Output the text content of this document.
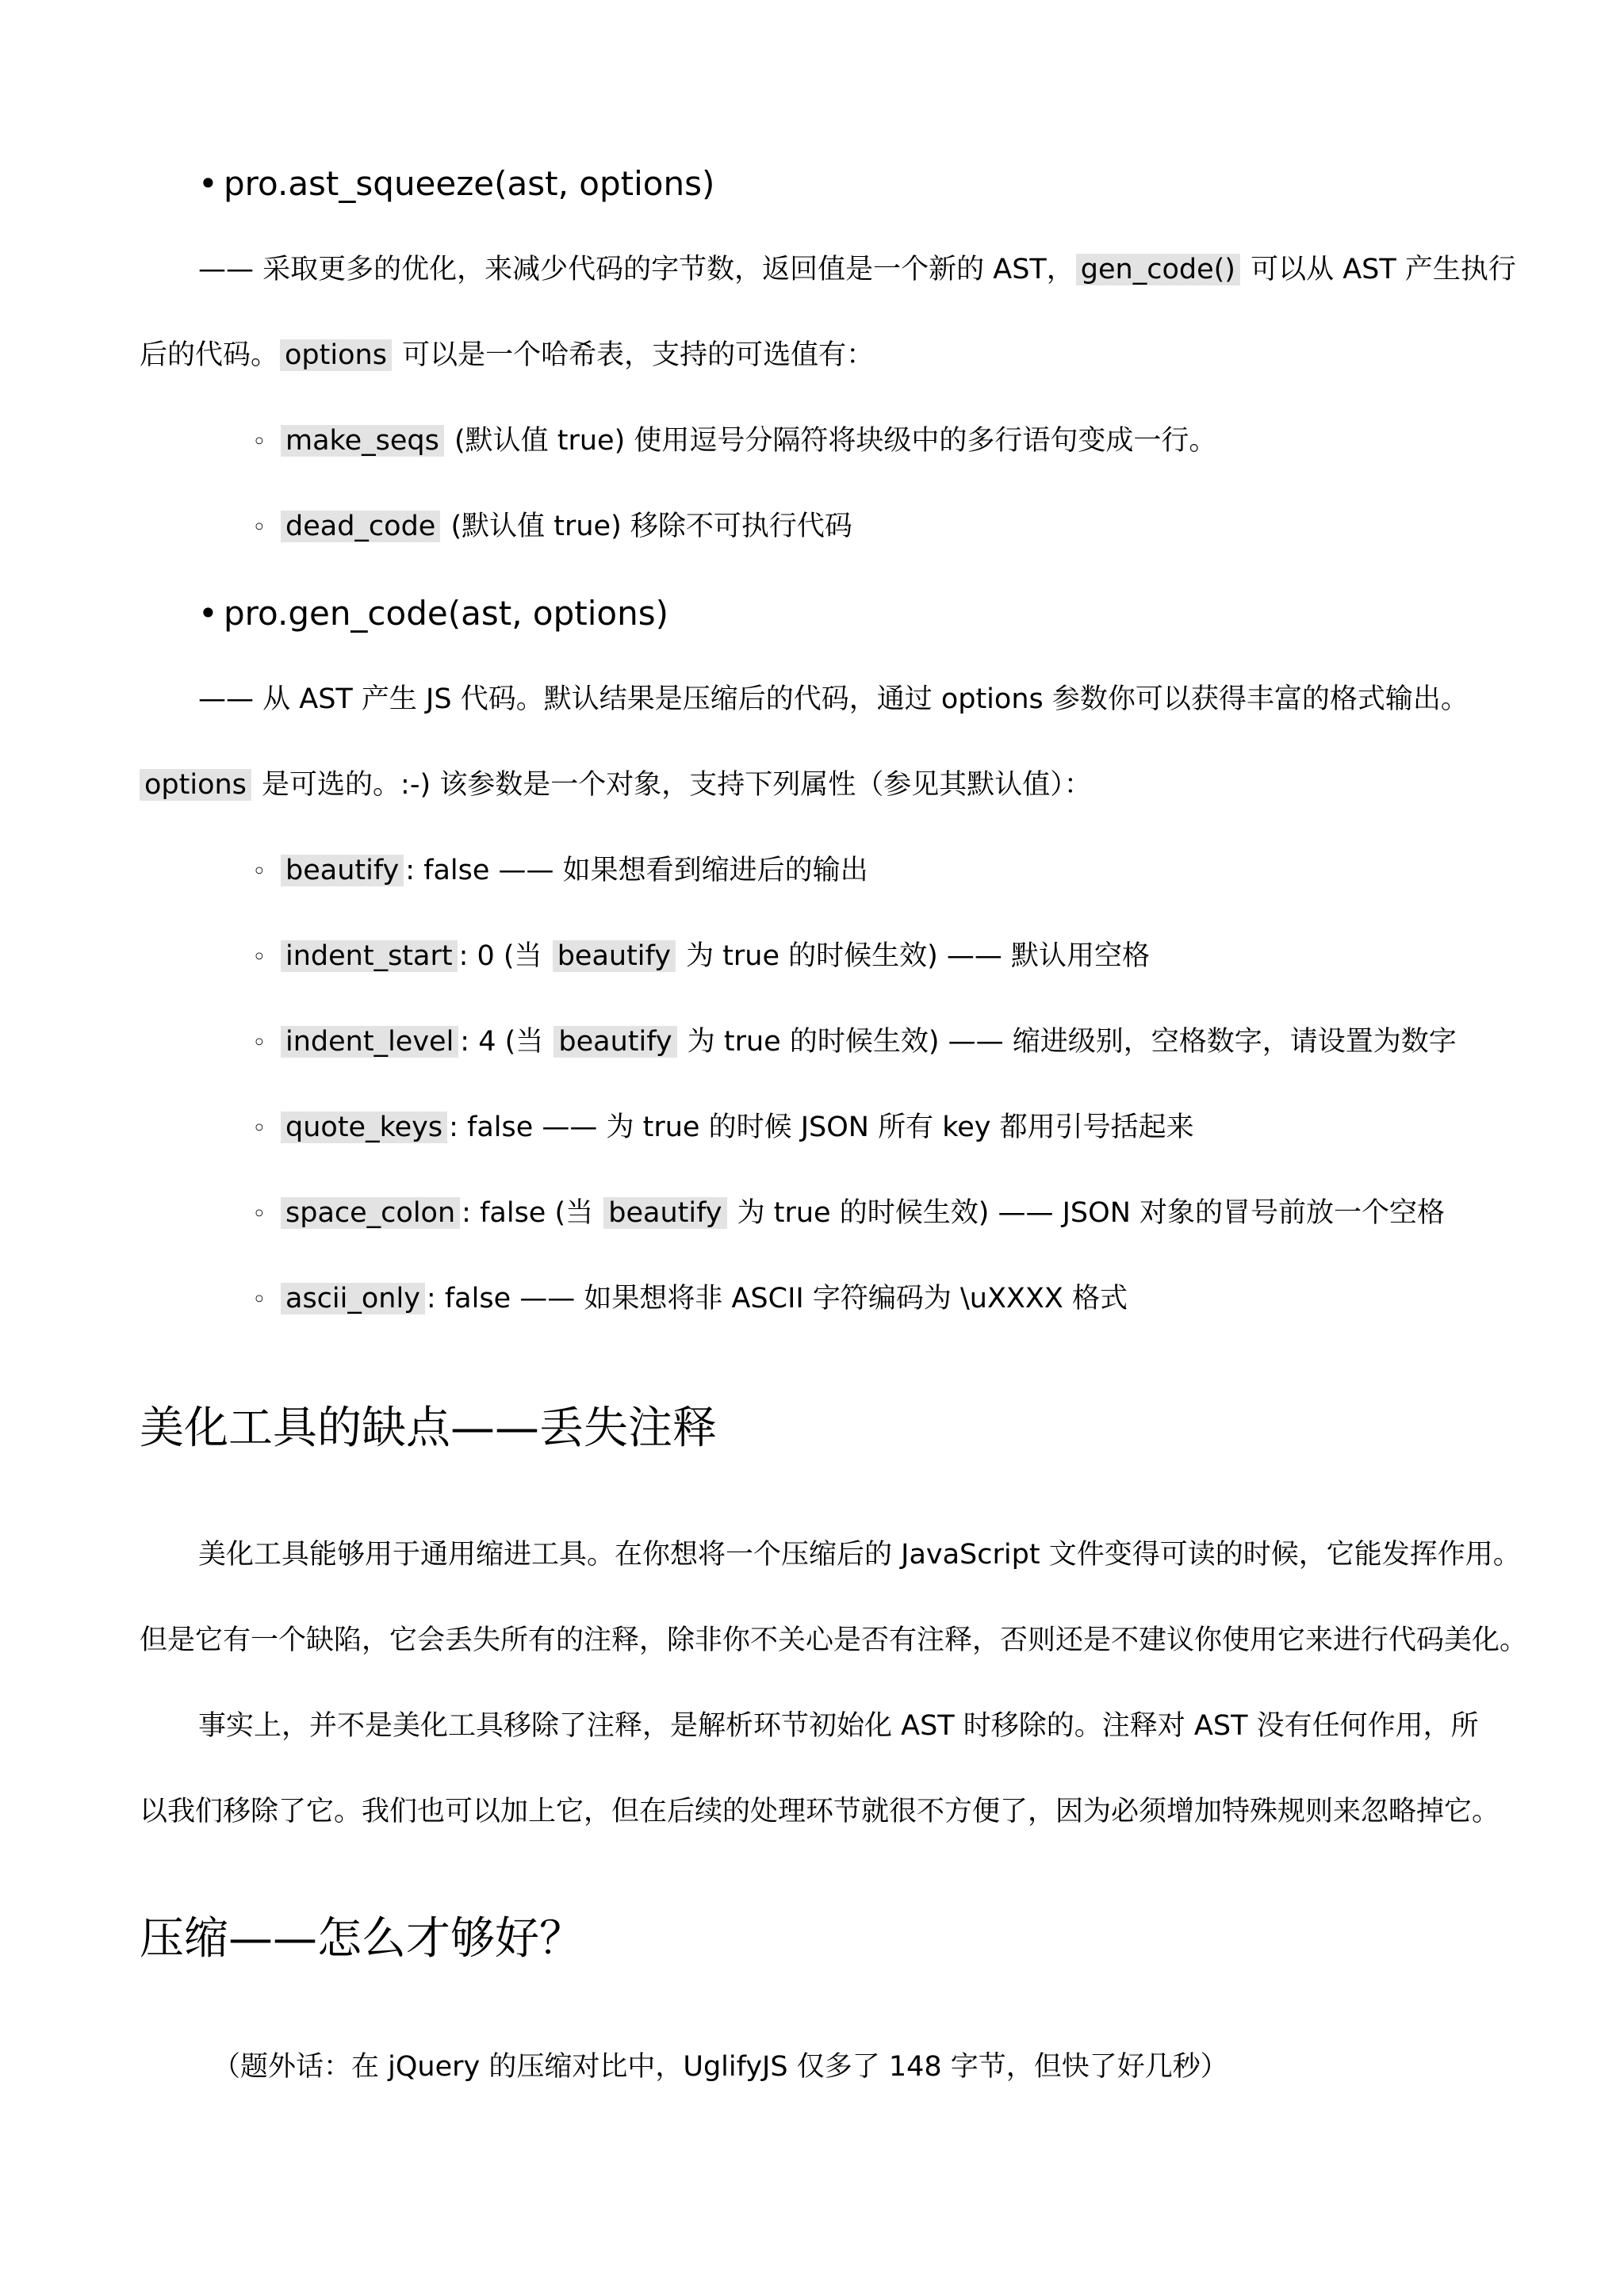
• pro.ast_squeeze(ast, options)
—— 采取更多的优化，来减少代码的字节数，返回值是一个新的 AST， gen_code() 可以从 AST 产生执行
后的代码。 options 可以是一个哈希表，支持的可选值有：
◦ make_seqs (默认值 true) 使用逗号分隔符将块级中的多行语句变成一行。
◦ dead_code (默认值 true) 移除不可执行代码
• pro.gen_code(ast, options)
—— 从 AST 产生 JS 代码。默认结果是压缩后的代码，通过 options 参数你可以获得丰富的格式输出。
options 是可选的。:-) 该参数是一个对象，支持下列属性（参见其默认值）：
◦ beautify : false —— 如果想看到缩进后的输出
◦ indent_start : 0 (当 beautify 为 true 的时候生效) —— 默认用空格
◦ indent_level : 4 (当 beautify 为 true 的时候生效) —— 缩进级别，空格数字，请设置为数字
◦ quote_keys : false —— 为 true 的时候 JSON 所有 key 都用引号括起来
◦ space_colon : false (当 beautify 为 true 的时候生效) —— JSON 对象的冒号前放一个空格
◦ ascii_only : false —— 如果想将非 ASCII 字符编码为 \uXXXX 格式
美化工具的缺点——丢失注释
美化工具能够用于通用缩进工具。在你想将一个压缩后的 JavaScript 文件变得可读的时候，它能发挥作用。
但是它有一个缺陷，它会丢失所有的注释，除非你不关心是否有注释，否则还是不建议你使用它来进行代码美化。
事实上，并不是美化工具移除了注释，是解析环节初始化 AST 时移除的。注释对 AST 没有任何作用，所
以我们移除了它。我们也可以加上它，但在后续的处理环节就很不方便了，因为必须增加特殊规则来忽略掉它。
压缩——怎么才够好？
（题外话：在 jQuery 的压缩对比中，UglifyJS 仅多了 148 字节，但快了好几秒）
